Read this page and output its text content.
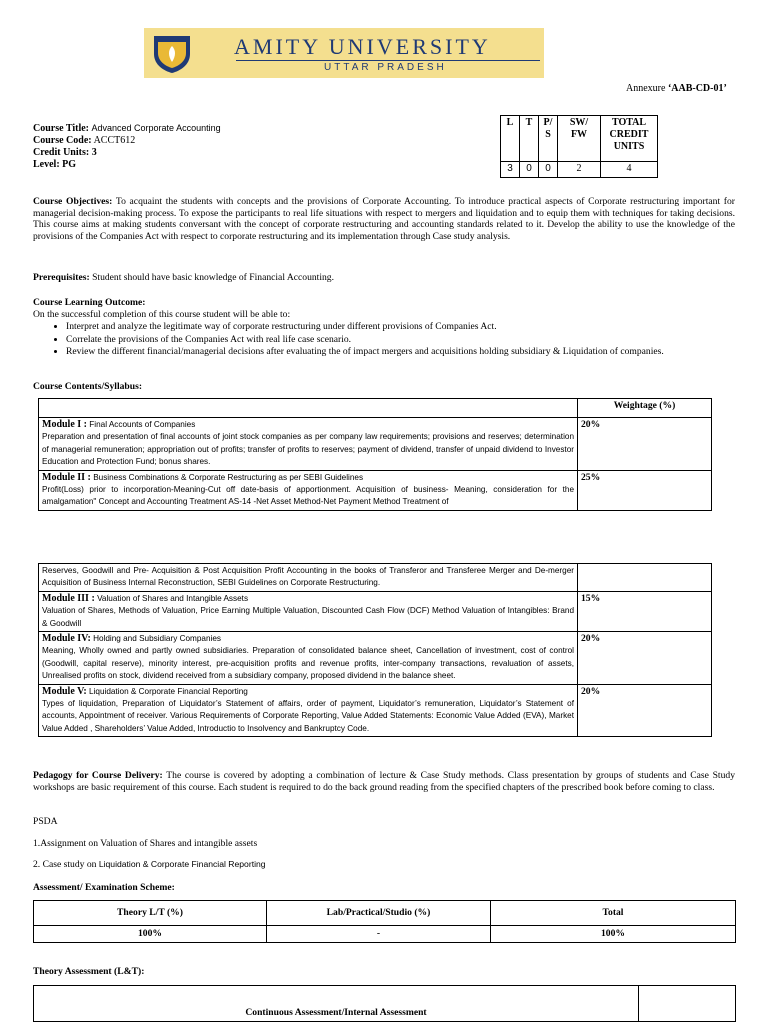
AMITY UNIVERSITY
UTTAR PRADESH
Annexure ‘AAB-CD-01’
Course Title: Advanced Corporate Accounting
Course Code: ACCT612
Credit Units: 3
Level: PG
L	T	P/ S	SW/ FW	TOTAL CREDIT UNITS
3	0	0	2	4
Course Objectives: To acquaint the students with concepts and the provisions of Corporate Accounting. To introduce practical aspects of Corporate restructuring important for managerial decision-making process. To expose the participants to real life situations with respect to mergers and liquidation and to equip them with techniques for taking decisions. This course aims at making students conversant with the concept of corporate restructuring and accounting standards related to it. Develop the ability to use the knowledge of the provisions of the Companies Act with respect to corporate restructuring and its implementation through Case study analysis.
Prerequisites: Student should have basic knowledge of Financial Accounting.
Course Learning Outcome:
On the successful completion of this course student will be able to:
• Interpret and analyze the legitimate way of corporate restructuring under different provisions of Companies Act.
• Correlate the provisions of the Companies Act with real life case scenario.
• Review the different financial/managerial decisions after evaluating the of impact mergers and acquisitions holding subsidiary & Liquidation of companies.
Course Contents/Syllabus:
	Weightage (%)

Module I : Final Accounts of Companies
Preparation and presentation of final accounts of joint stock companies as per company law requirements; provisions and reserves; determination of managerial remuneration; appropriation out of profits; transfer of profits to reserves; payment of dividend, transfer of unpaid dividend to Investor Education and Protection Fund; bonus shares.	20%

Module II : Business Combinations & Corporate Restructuring as per SEBI Guidelines
Profit(Loss) prior to incorporation-Meaning-Cut off date-basis of apportionment. Acquisition of business- Meaning, consideration for the amalgamation" Concept and Accounting Treatment AS-14 -Net Asset Method-Net Payment Method Treatment of	25%
Reserves, Goodwill and Pre- Acquisition & Post Acquisition Profit Accounting in the books of Transferor and Transferee Merger and De-merger Acquisition of Business Internal Reconstruction, SEBI Guidelines on Corporate Restructuring.	

Module III : Valuation of Shares and Intangible Assets
Valuation of Shares, Methods of Valuation, Price Earning Multiple Valuation, Discounted Cash Flow (DCF) Method Valuation of Intangibles: Brand & Goodwill	15%

Module IV: Holding and Subsidiary Companies
Meaning, Wholly owned and partly owned subsidiaries. Preparation of consolidated balance sheet, Cancellation of investment, cost of control (Goodwill, capital reserve), minority interest, pre-acquisition profits and revenue profits, inter-company transactions, revaluation of assets, Unrealised profits on stock, dividend received from a subsidiary company, proposed dividend in the balance sheet.	20%

Module V: Liquidation & Corporate Financial Reporting
Types of liquidation, Preparation of Liquidator’s Statement of affairs, order of payment, Liquidator’s remuneration, Liquidator’s Statement of accounts, Appointment of receiver. Various Requirements of Corporate Reporting, Value Added Statements: Economic Value Added (EVA), Market Value Added , Shareholders’ Value Added, Introductio to Insolvency and Bankruptcy Code.	20%
Pedagogy for Course Delivery: The course is covered by adopting a combination of lecture & Case Study methods. Class presentation by groups of students and Case Study workshops are basic requirement of this course. Each student is required to do the back ground reading from the specified chapters of the prescribed book before coming to class.
PSDA
1.Assignment on Valuation of Shares and intangible assets
2. Case study on Liquidation & Corporate Financial Reporting
Assessment/ Examination Scheme:
Theory L/T (%)	Lab/Practical/Studio (%)	Total
100%	-	100%
Theory Assessment (L&T):
Continuous Assessment/Internal Assessment	
